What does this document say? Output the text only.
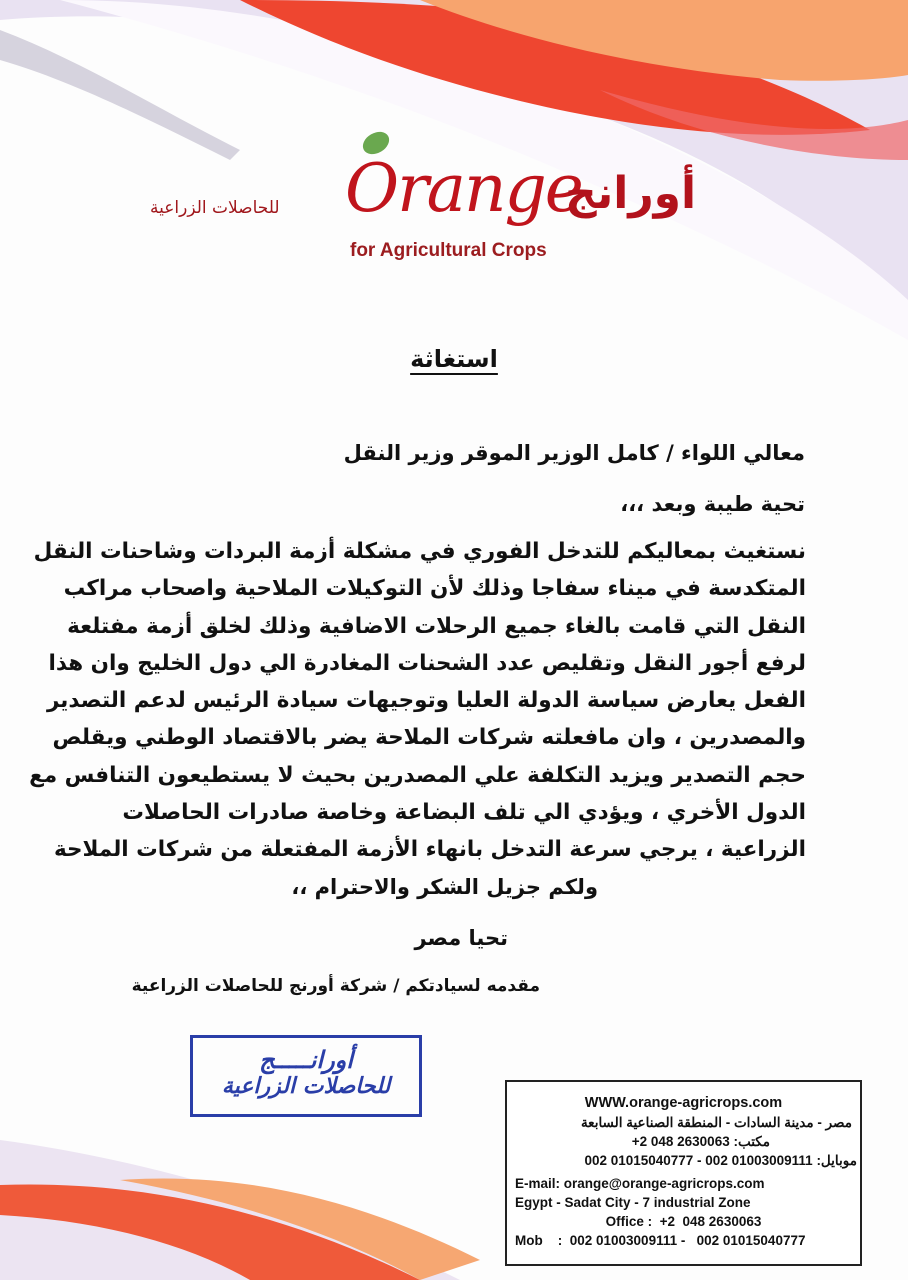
Orange
أورانج
for Agricultural Crops
للحاصلات الزراعية
استغاثة
معالي اللواء / كامل الوزير الموقر وزير النقل
تحية طيبة وبعد ،،،
نستغيث بمعاليكم للتدخل الفوري في مشكلة أزمة البردات وشاحنات النقل
المتكدسة في ميناء سفاجا وذلك لأن التوكيلات الملاحية واصحاب مراكب
النقل التي قامت بالغاء جميع الرحلات الاضافية وذلك لخلق أزمة مفتلعة
لرفع أجور النقل وتقليص عدد الشحنات المغادرة الي دول الخليج وان هذا
الفعل يعارض سياسة الدولة العليا وتوجيهات سيادة الرئيس لدعم التصدير
والمصدرين ، وان مافعلته شركات الملاحة يضر بالاقتصاد الوطني ويقلص
حجم التصدير ويزيد التكلفة علي المصدرين بحيث لا يستطيعون التنافس مع
الدول الأخري ، ويؤدي الي تلف البضاعة وخاصة صادرات الحاصلات
الزراعية ، يرجي سرعة التدخل بانهاء الأزمة المفتعلة من شركات الملاحة
ولكم جزيل الشكر والاحترام ،،
تحيا مصر
مقدمه لسيادتكم / شركة أورنج للحاصلات الزراعية
أورانـــــج
للحاصلات الزراعية
WWW.orange-agricrops.com
مصر - مدينة السادات - المنطقة الصناعية السابعة
مكتب: +2 048 2630063
موبايل: 002 01015040777 - 002 01003009111
E-mail: orange@orange-agricrops.com
Egypt - Sadat City - 7 industrial Zone
Office :  +2  048 2630063
Mob    :  002 01003009111 -   002 01015040777
